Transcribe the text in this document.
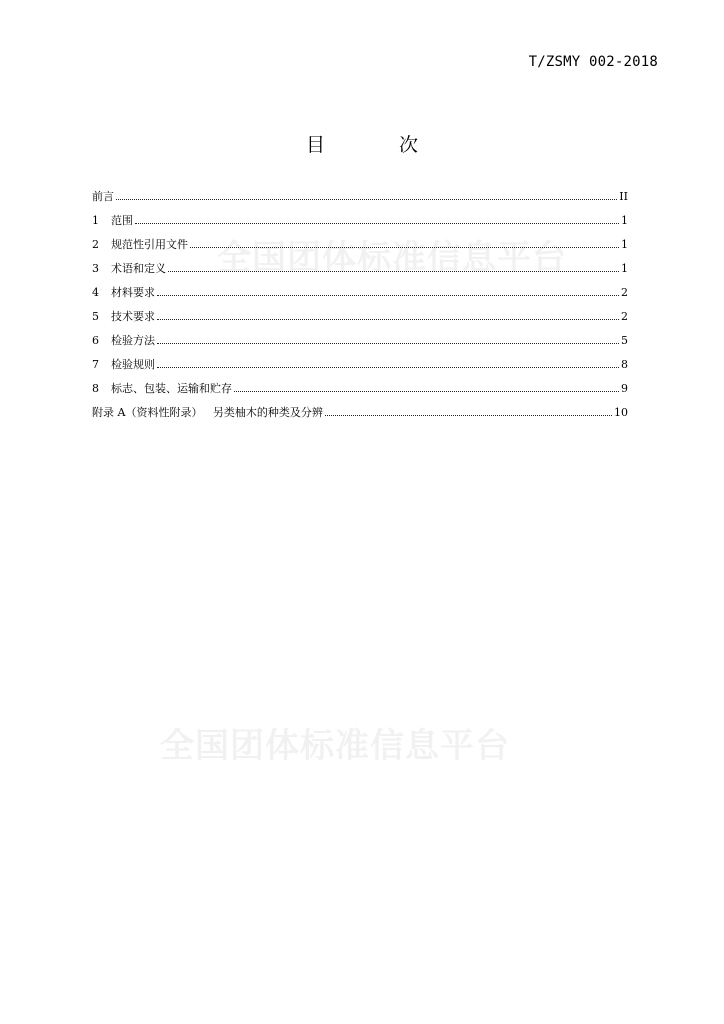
全国团体标准信息平台
全国团体标准信息平台
T/ZSMY 002-2018
目 次
前言	II
1	范围	1
2	规范性引用文件	1
3	术语和定义	1
4	材料要求	2
5	技术要求	2
6	检验方法	5
7	检验规则	8
8	标志、包装、运输和贮存	9
附录 A（资料性附录）   另类柚木的种类及分辨	10
